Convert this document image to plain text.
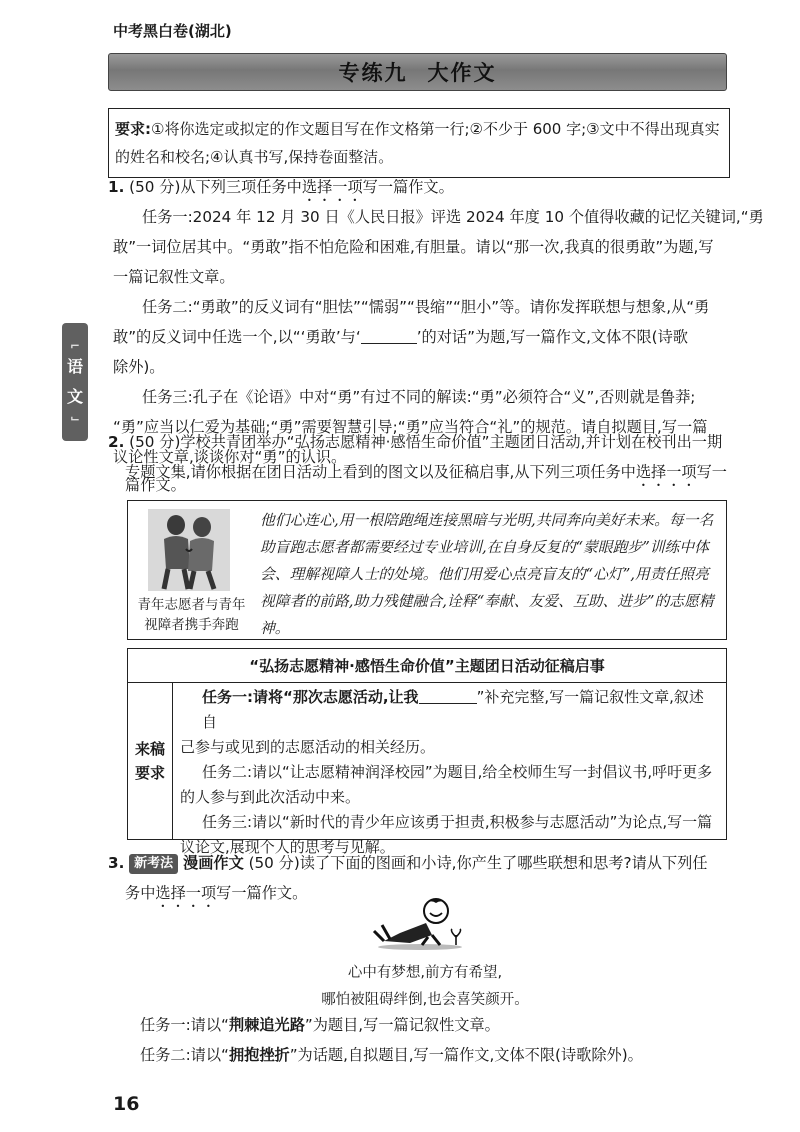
中考黑白卷(湖北)
专练九 大作文
要求:①将你选定或拟定的作文题目写在作文格第一行;②不少于 600 字;③文中不得出现真实的姓名和校名;④认真书写,保持卷面整洁。
⌐
语
文
⌙
1. (50 分)从下列三项任务中选择一项写一篇作文。
任务一:2024 年 12 月 30 日《人民日报》评选 2024 年度 10 个值得收藏的记忆关键词,“勇
敢”一词位居其中。“勇敢”指不怕危险和困难,有胆量。请以“那一次,我真的很勇敢”为题,写
一篇记叙性文章。
任务二:“勇敢”的反义词有“胆怯”“懦弱”“畏缩”“胆小”等。请你发挥联想与想象,从“勇
敢”的反义词中任选一个,以“‘勇敢’与‘	’的对话”为题,写一篇作文,文体不限(诗歌
除外)。
任务三:孔子在《论语》中对“勇”有过不同的解读:“勇”必须符合“义”,否则就是鲁莽;
“勇”应当以仁爱为基础;“勇”需要智慧引导;“勇”应当符合“礼”的规范。请自拟题目,写一篇
议论性文章,谈谈你对“勇”的认识。
2. (50 分)学校共青团举办“弘扬志愿精神·感悟生命价值”主题团日活动,并计划在校刊出一期
专题文集,请你根据在团日活动上看到的图文以及征稿启事,从下列三项任务中选择一项写一
篇作文。
青年志愿者与青年视障者携手奔跑
他们心连心,用一根陪跑绳连接黑暗与光明,共同奔向美好未来。每一名助盲跑志愿者都需要经过专业培训,在自身反复的“蒙眼跑步”训练中体会、理解视障人士的处境。他们用爱心点亮盲友的“心灯”,用责任照亮视障者的前路,助力残健融合,诠释“奉献、友爱、互助、进步”的志愿精神。
“弘扬志愿精神·感悟生命价值”主题团日活动征稿启事
来稿
要求
任务一:请将“那次志愿活动,让我	”补充完整,写一篇记叙性文章,叙述自
己参与或见到的志愿活动的相关经历。
任务二:请以“让志愿精神润泽校园”为题目,给全校师生写一封倡议书,呼吁更多
的人参与到此次活动中来。
任务三:请以“新时代的青少年应该勇于担责,积极参与志愿活动”为论点,写一篇
议论文,展现个人的思考与见解。
3. 新考法 漫画作文 (50 分)读了下面的图画和小诗,你产生了哪些联想和思考?请从下列任
务中选择一项写一篇作文。
心中有梦想,前方有希望,
哪怕被阻碍绊倒,也会喜笑颜开。
任务一:请以“荆棘追光路”为题目,写一篇记叙性文章。
任务二:请以“拥抱挫折”为话题,自拟题目,写一篇作文,文体不限(诗歌除外)。
16
